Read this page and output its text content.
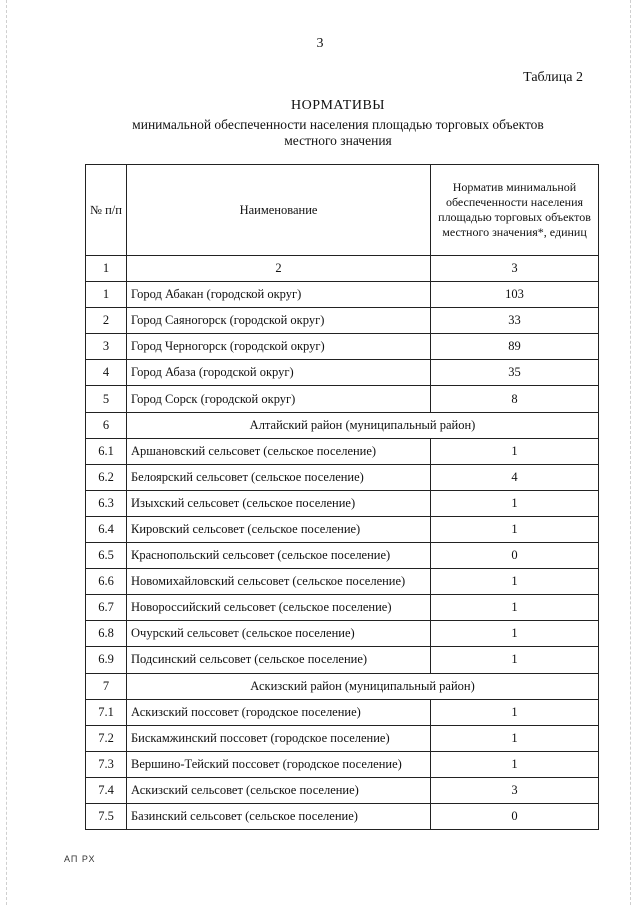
3
Таблица 2
НОРМАТИВЫ
минимальной обеспеченности населения площадью торговых объектов
местного значения
№ п/п	Наименование	Норматив минимальной обеспеченности населения площадью торговых объектов местного значения*, единиц
1	2	3
1	Город Абакан (городской округ)	103
2	Город Саяногорск (городской округ)	33
3	Город Черногорск (городской округ)	89
4	Город Абаза (городской округ)	35
5	Город Сорск (городской округ)	8
6	Алтайский район (муниципальный район)	
6.1	Аршановский сельсовет (сельское поселение)	1
6.2	Белоярский сельсовет (сельское поселение)	4
6.3	Изыхский сельсовет (сельское поселение)	1
6.4	Кировский сельсовет (сельское поселение)	1
6.5	Краснопольский сельсовет (сельское поселение)	0
6.6	Новомихайловский сельсовет (сельское поселение)	1
6.7	Новороссийский сельсовет (сельское поселение)	1
6.8	Очурский сельсовет (сельское поселение)	1
6.9	Подсинский сельсовет (сельское поселение)	1
7	Аскизский район (муниципальный район)	
7.1	Аскизский поссовет (городское поселение)	1
7.2	Бискамжинский поссовет (городское поселение)	1
7.3	Вершино-Тейский поссовет (городское поселение)	1
7.4	Аскизский сельсовет (сельское поселение)	3
7.5	Базинский сельсовет (сельское поселение)	0
АП РХ
